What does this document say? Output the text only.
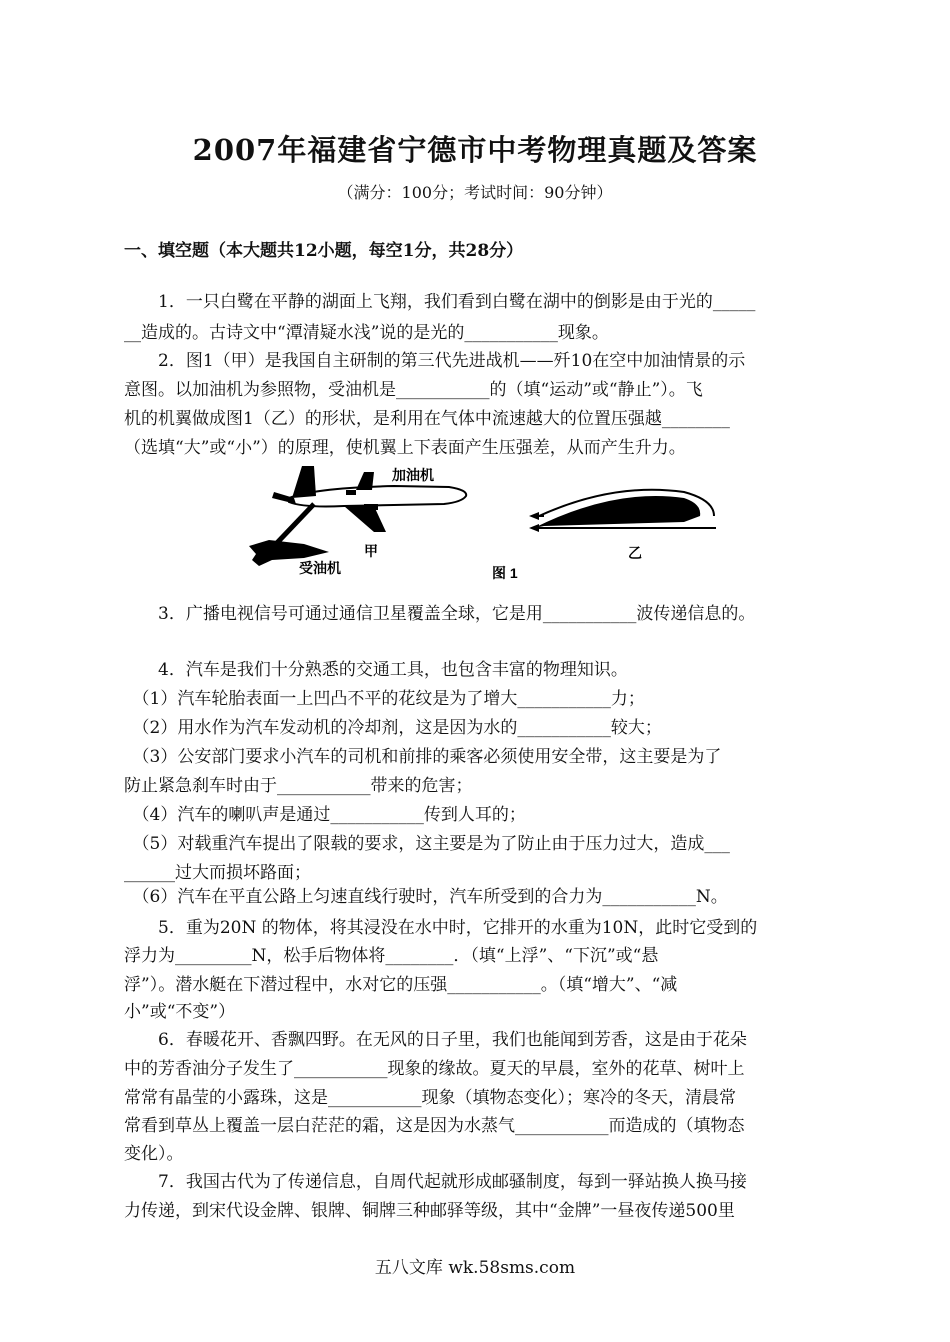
2007年福建省宁德市中考物理真题及答案
（满分：100分；考试时间：90分钟）
一、填空题（本大题共12小题，每空1分，共28分）
　　1．一只白鹭在平静的湖面上飞翔，我们看到白鹭在湖中的倒影是由于光的_____
__造成的。古诗文中“潭清疑水浅”说的是光的___________现象。
　　2．图1（甲）是我国自主研制的第三代先进战机——歼10在空中加油情景的示
意图。以加油机为参照物，受油机是___________的（填“运动”或“静止”）。飞
机的机翼做成图1（乙）的形状，是利用在气体中流速越大的位置压强越________
（选填“大”或“小”）的原理，使机翼上下表面产生压强差，从而产生升力。
加油机
受油机
甲	乙
图 1
　　3．广播电视信号可通过通信卫星覆盖全球，它是用___________波传递信息的。
　　4．汽车是我们十分熟悉的交通工具，也包含丰富的物理知识。
　（1）汽车轮胎表面一上凹凸不平的花纹是为了增大___________力；
　（2）用水作为汽车发动机的冷却剂，这是因为水的___________较大；
　（3）公安部门要求小汽车的司机和前排的乘客必须使用安全带，这主要是为了
防止紧急刹车时由于___________带来的危害；
　（4）汽车的喇叭声是通过___________传到人耳的；
　（5）对载重汽车提出了限载的要求，这主要是为了防止由于压力过大，造成___
______过大而损坏路面；
　（6）汽车在平直公路上匀速直线行驶时，汽车所受到的合力为___________N。
　　5．重为20N 的物体，将其浸没在水中时，它排开的水重为10N，此时它受到的
浮力为_________N，松手后物体将________．（填“上浮”、“下沉”或“悬
浮”）。潜水艇在下潜过程中，水对它的压强___________。（填“增大”、“减
小”或“不变”）
　　6．春暖花开、香飘四野。在无风的日子里，我们也能闻到芳香，这是由于花朵
中的芳香油分子发生了___________现象的缘故。夏天的早晨，室外的花草、树叶上
常常有晶莹的小露珠，这是___________现象（填物态变化）；寒冷的冬天，清晨常
常看到草丛上覆盖一层白茫茫的霜，这是因为水蒸气___________而造成的（填物态
变化）。
　　7．我国古代为了传递信息，自周代起就形成邮骚制度，每到一驿站换人换马接
力传递，到宋代设金牌、银牌、铜牌三种邮驿等级，其中“金牌”一昼夜传递500里
五八文库 wk.58sms.com
